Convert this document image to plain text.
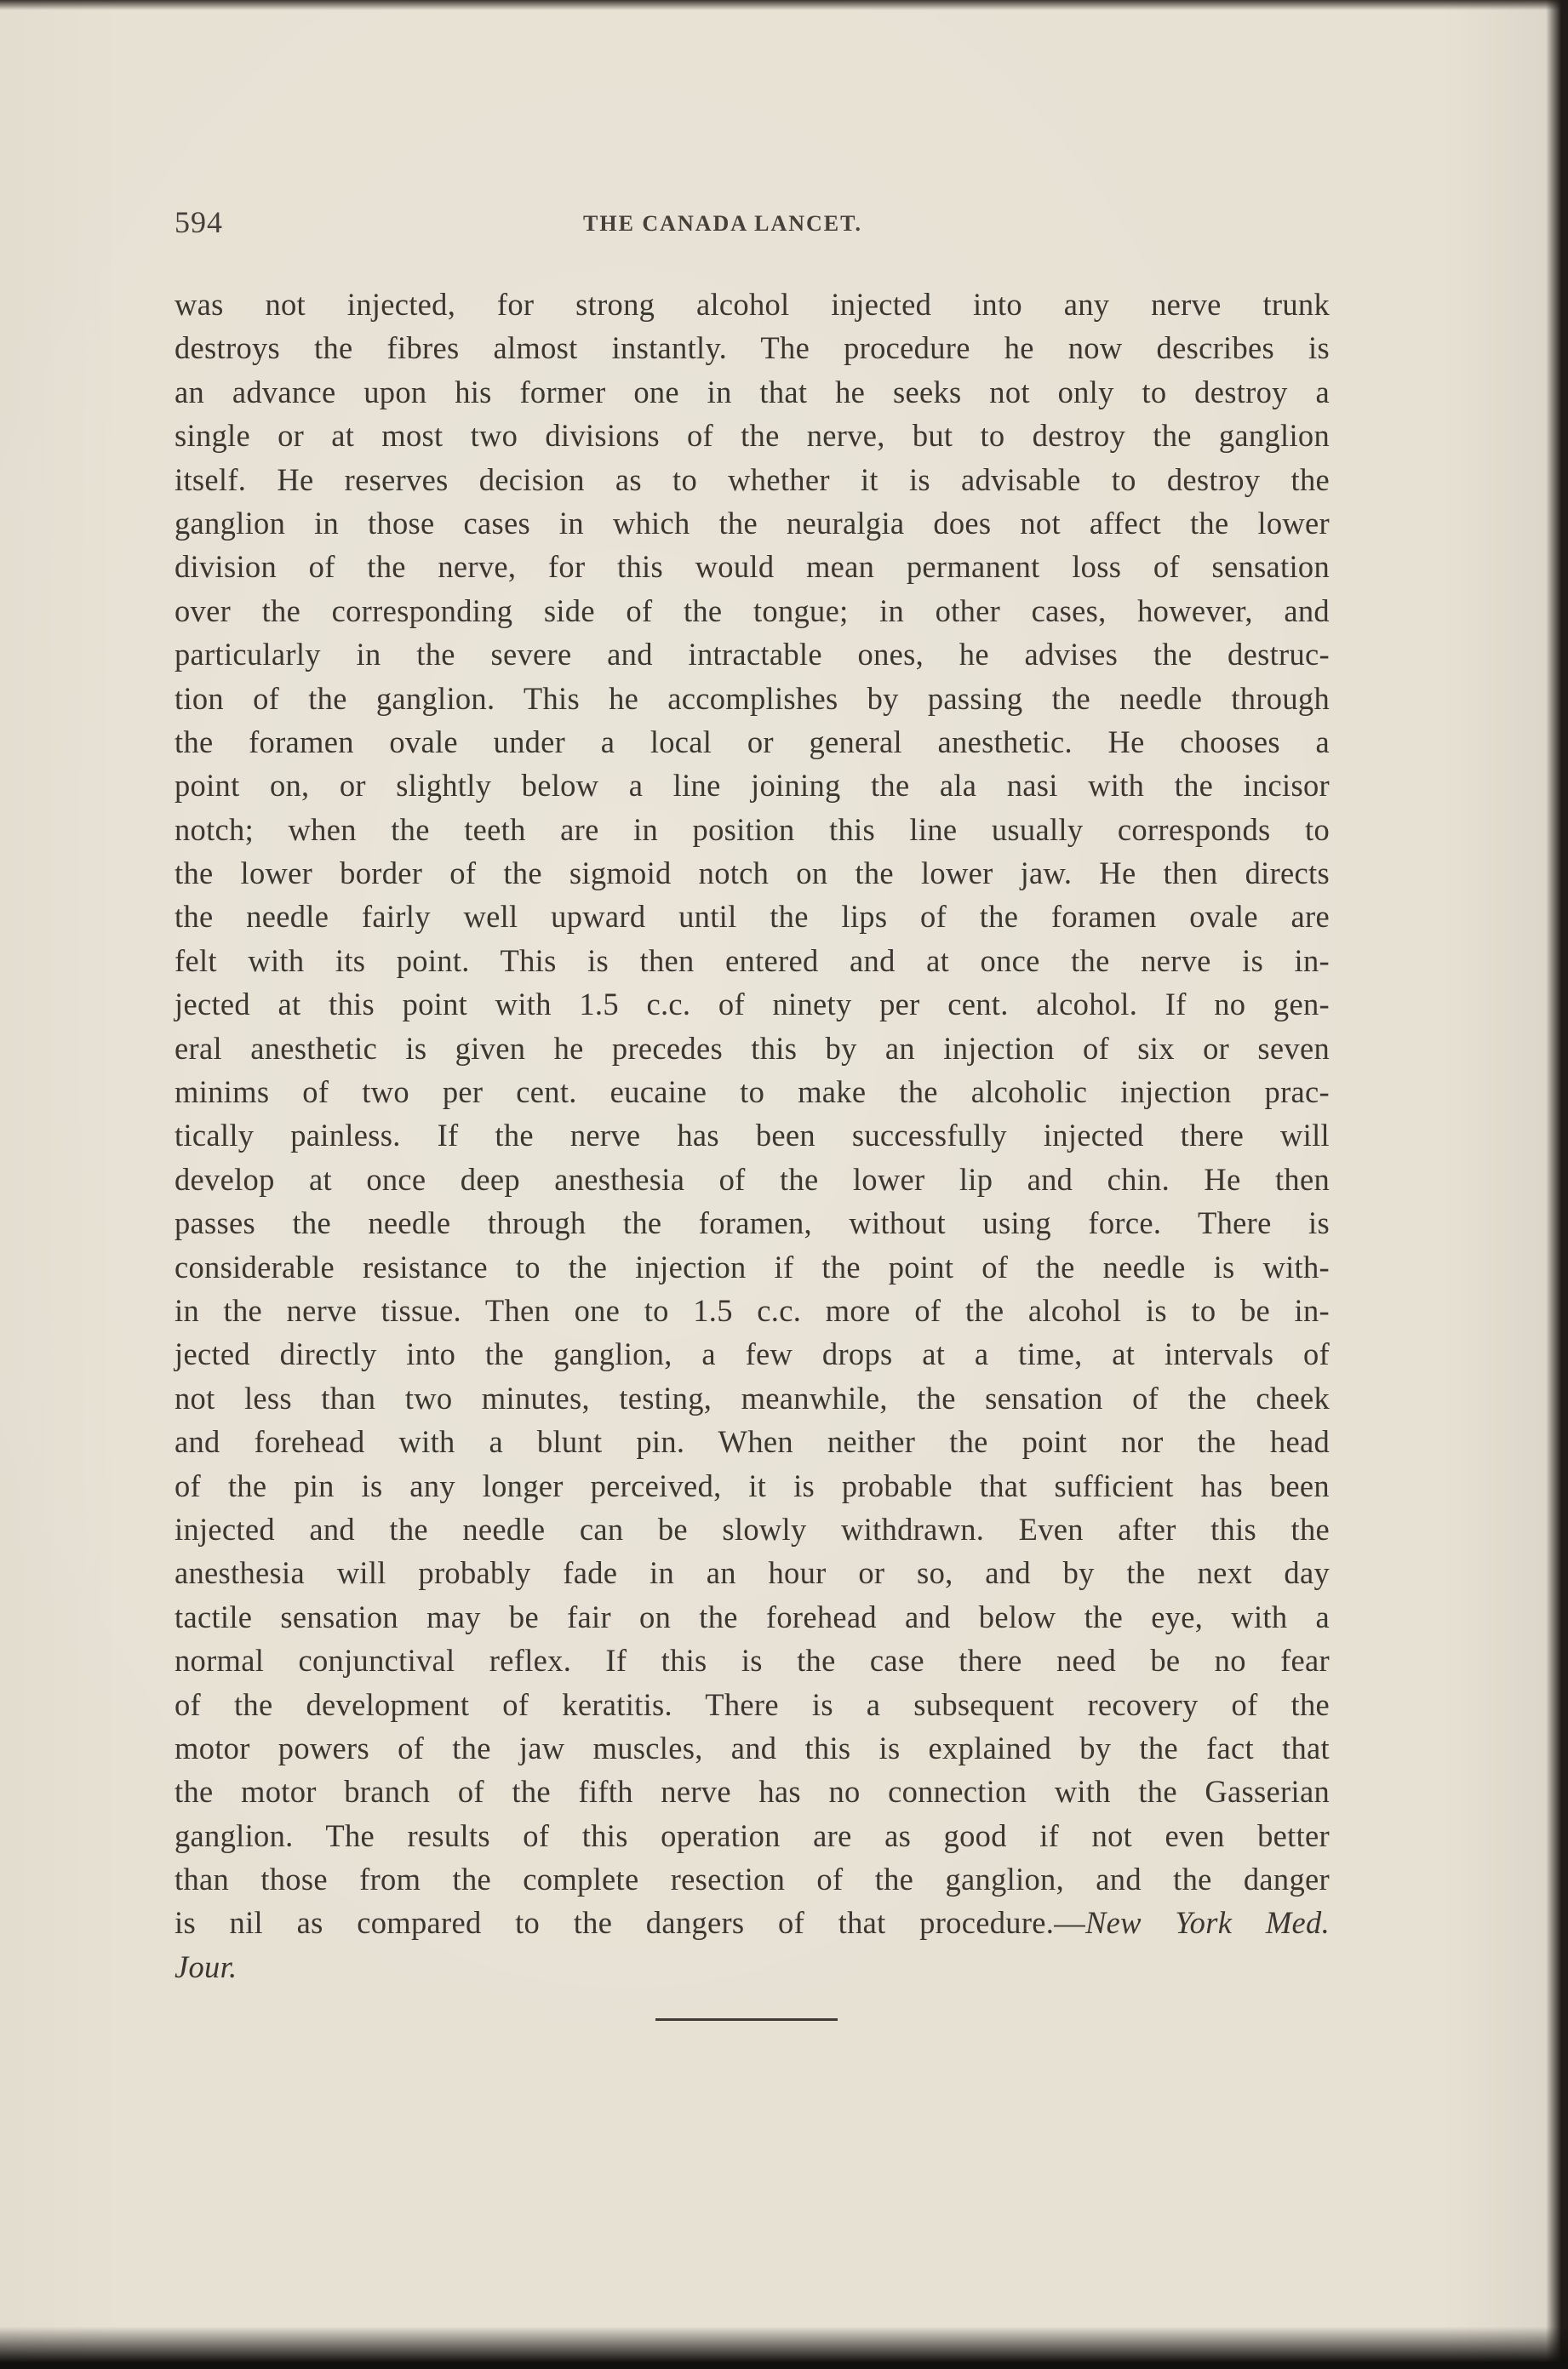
594	THE CANADA LANCET.
was not injected, for strong alcohol injected into any nerve trunk
destroys the fibres almost instantly. The procedure he now describes is
an advance upon his former one in that he seeks not only to destroy a
single or at most two divisions of the nerve, but to destroy the ganglion
itself. He reserves decision as to whether it is advisable to destroy the
ganglion in those cases in which the neuralgia does not affect the lower
division of the nerve, for this would mean permanent loss of sensation
over the corresponding side of the tongue; in other cases, however, and
particularly in the severe and intractable ones, he advises the destruc-
tion of the ganglion. This he accomplishes by passing the needle through
the foramen ovale under a local or general anesthetic. He chooses a
point on, or slightly below a line joining the ala nasi with the incisor
notch; when the teeth are in position this line usually corresponds to
the lower border of the sigmoid notch on the lower jaw. He then directs
the needle fairly well upward until the lips of the foramen ovale are
felt with its point. This is then entered and at once the nerve is in-
jected at this point with 1.5 c.c. of ninety per cent. alcohol. If no gen-
eral anesthetic is given he precedes this by an injection of six or seven
minims of two per cent. eucaine to make the alcoholic injection prac-
tically painless. If the nerve has been successfully injected there will
develop at once deep anesthesia of the lower lip and chin. He then
passes the needle through the foramen, without using force. There is
considerable resistance to the injection if the point of the needle is with-
in the nerve tissue. Then one to 1.5 c.c. more of the alcohol is to be in-
jected directly into the ganglion, a few drops at a time, at intervals of
not less than two minutes, testing, meanwhile, the sensation of the cheek
and forehead with a blunt pin. When neither the point nor the head
of the pin is any longer perceived, it is probable that sufficient has been
injected and the needle can be slowly withdrawn. Even after this the
anesthesia will probably fade in an hour or so, and by the next day
tactile sensation may be fair on the forehead and below the eye, with a
normal conjunctival reflex. If this is the case there need be no fear
of the development of keratitis. There is a subsequent recovery of the
motor powers of the jaw muscles, and this is explained by the fact that
the motor branch of the fifth nerve has no connection with the Gasserian
ganglion. The results of this operation are as good if not even better
than those from the complete resection of the ganglion, and the danger
is nil as compared to the dangers of that procedure.—New York Med.
Jour.
